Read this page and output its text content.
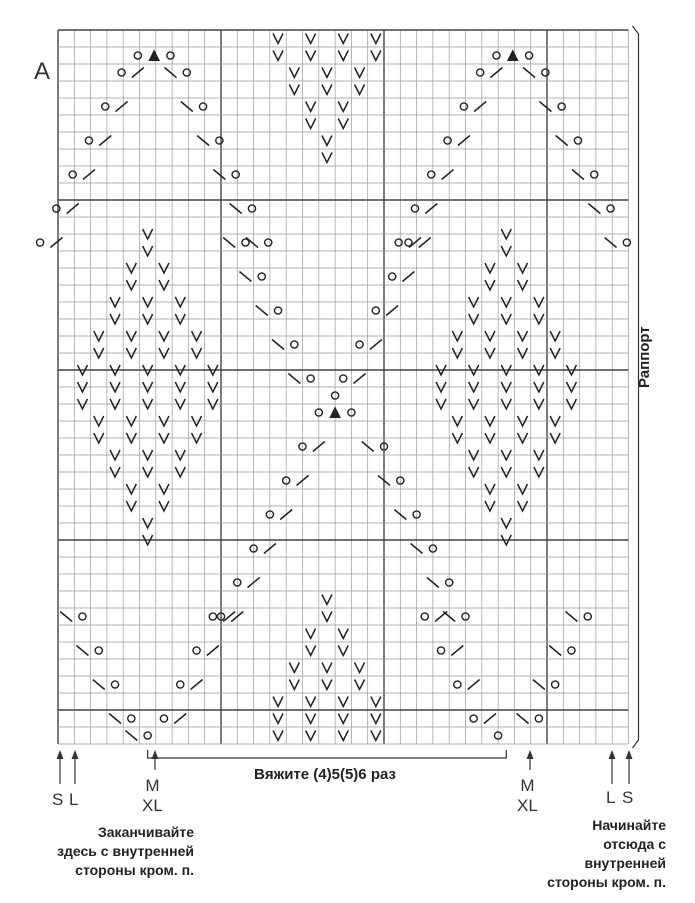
A
Раппорт
Вяжите (4)5(5)6 раз
S L
M
XL
M
XL	L S
Заканчивайте
здесь с внутренней
стороны кром. п.
Начинайте
отсюда с
внутренней
стороны кром. п.
